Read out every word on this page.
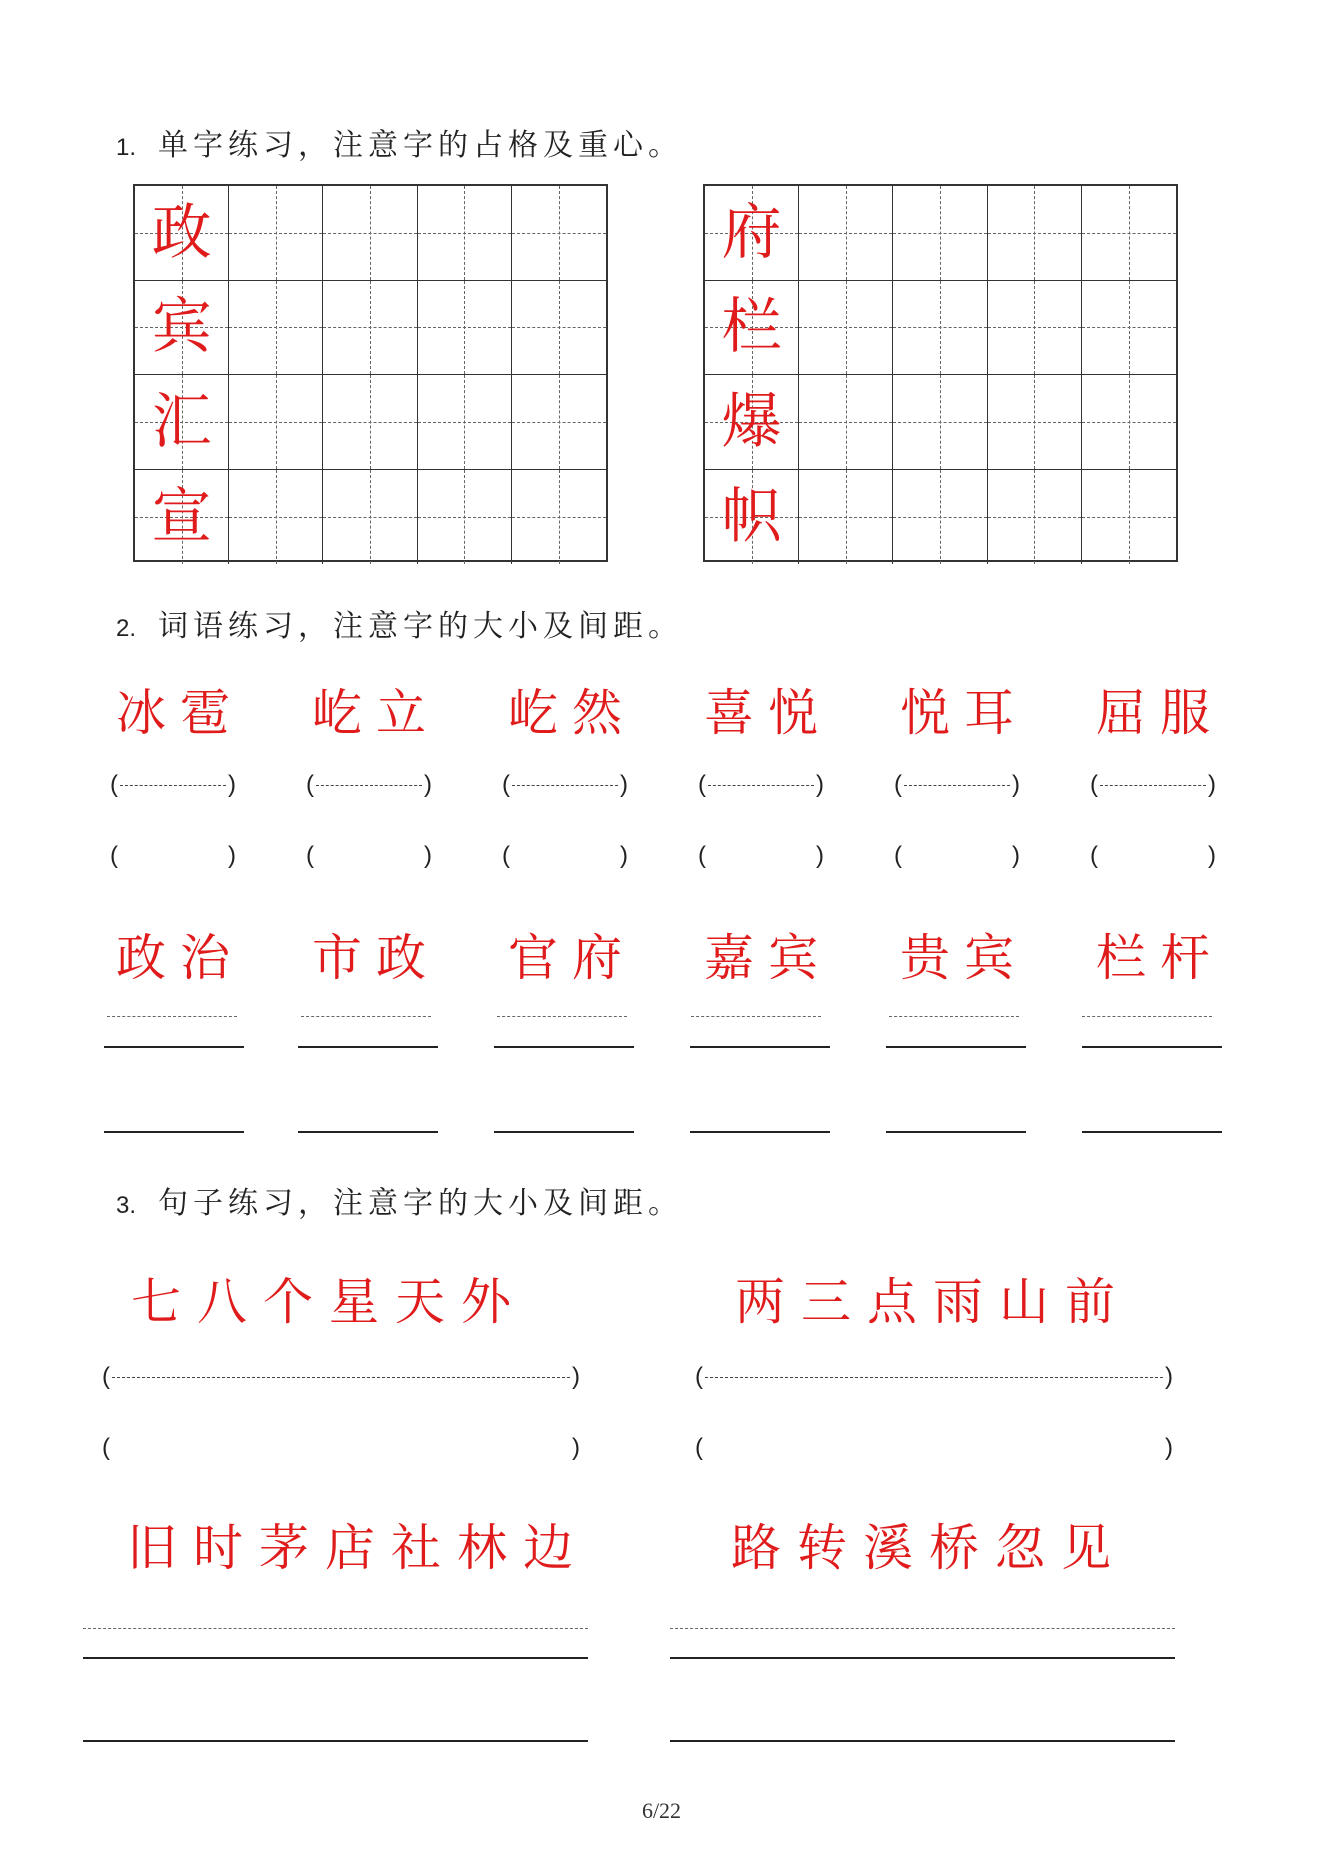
1. 单字练习，注意字的占格及重心。
政
宾
汇
宣
府
栏
爆
帜
2. 词语练习，注意字的大小及间距。
冰雹 屹立 屹然 喜悦 悦耳 屈服
(	)	(	)	(	)	(	)	(	)	(	)
(	)	(	)	(	)	(	)	(	)	(	)
政治 市政 官府 嘉宾 贵宾 栏杆
3. 句子练习，注意字的大小及间距。
七八个星天外	两三点雨山前
(	)	(	)
(	)	(	)
旧时茅店社林边	路转溪桥忽见
6/22
